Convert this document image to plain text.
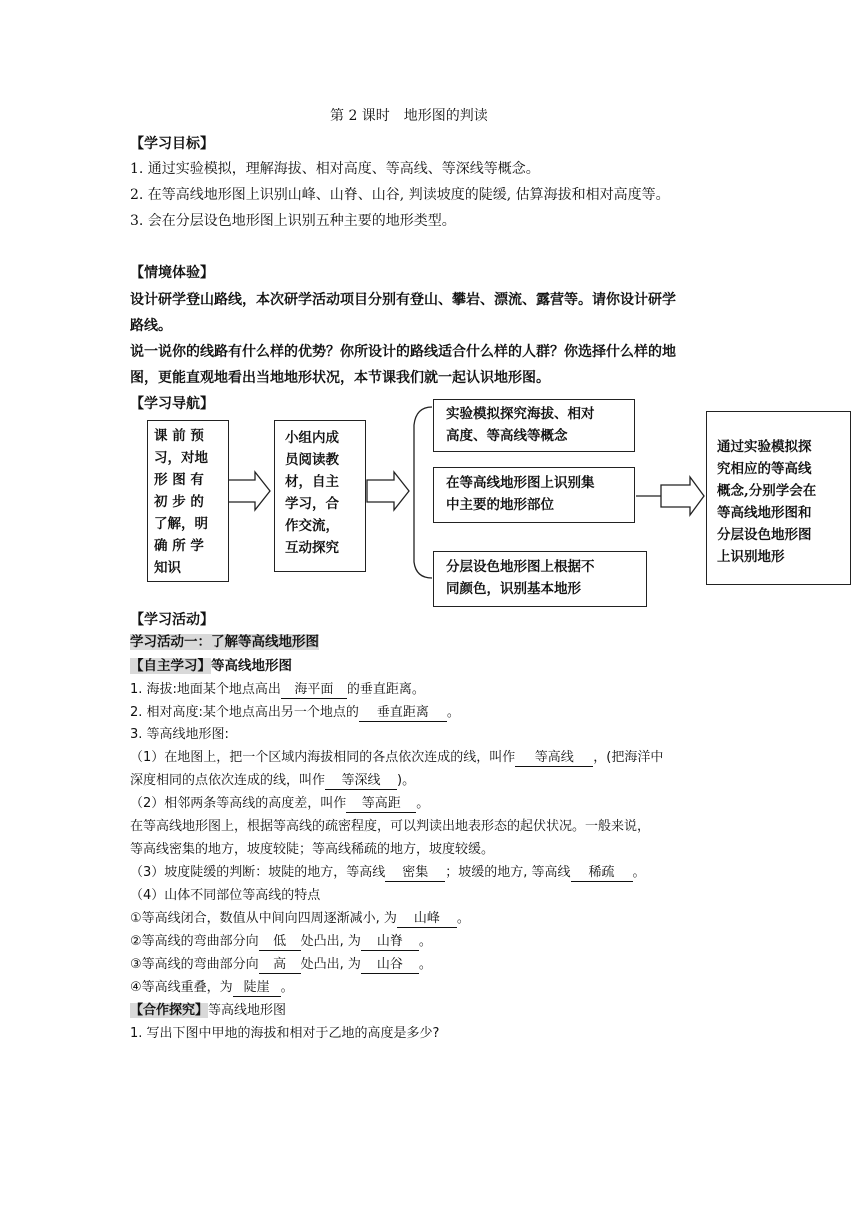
第 2 课时　地形图的判读
【学习目标】
1. 通过实验模拟，理解海拔、相对高度、等高线、等深线等概念。
2. 在等高线地形图上识别山峰、山脊、山谷, 判读坡度的陡缓, 估算海拔和相对高度等。
3. 会在分层设色地形图上识别五种主要的地形类型。
【情境体验】
设计研学登山路线，本次研学活动项目分别有登山、攀岩、漂流、露营等。请你设计研学
路线。
说一说你的线路有什么样的优势？你所设计的路线适合什么样的人群？你选择什么样的地
图，更能直观地看出当地地形状况，本节课我们就一起认识地形图。
【学习导航】
课 前 预
习，对地
形 图 有
初 步 的
了解，明
确 所 学
知识
小组内成
员阅读教
材，自主
学习，合
作交流，
互动探究
实验模拟探究海拔、相对
高度、等高线等概念
在等高线地形图上识别集
中主要的地形部位
分层设色地形图上根据不
同颜色，识别基本地形
通过实验模拟探
究相应的等高线
概念,分别学会在
等高线地形图和
分层设色地形图
上识别地形
【学习活动】
学习活动一：了解等高线地形图
【自主学习】等高线地形图
1. 海拔:地面某个地点高出 海平面 的垂直距离。
2. 相对高度:某个地点高出另一个地点的 垂直距离 。
3. 等高线地形图:
（1）在地图上，把一个区域内海拔相同的各点依次连成的线，叫作 等高线 ，(把海洋中
深度相同的点依次连成的线，叫作 等深线 )。
（2）相邻两条等高线的高度差，叫作 等高距 。
在等高线地形图上，根据等高线的疏密程度，可以判读出地表形态的起伏状况。一般来说，
等高线密集的地方，坡度较陡；等高线稀疏的地方，坡度较缓。
（3）坡度陡缓的判断：坡陡的地方，等高线 密集 ；坡缓的地方, 等高线 稀疏 。
（4）山体不同部位等高线的特点
①等高线闭合，数值从中间向四周逐渐减小, 为 山峰 。
②等高线的弯曲部分向 低 处凸出, 为 山脊 。
③等高线的弯曲部分向 高 处凸出, 为 山谷 。
④等高线重叠，为 陡崖 。
【合作探究】等高线地形图
1. 写出下图中甲地的海拔和相对于乙地的高度是多少?
